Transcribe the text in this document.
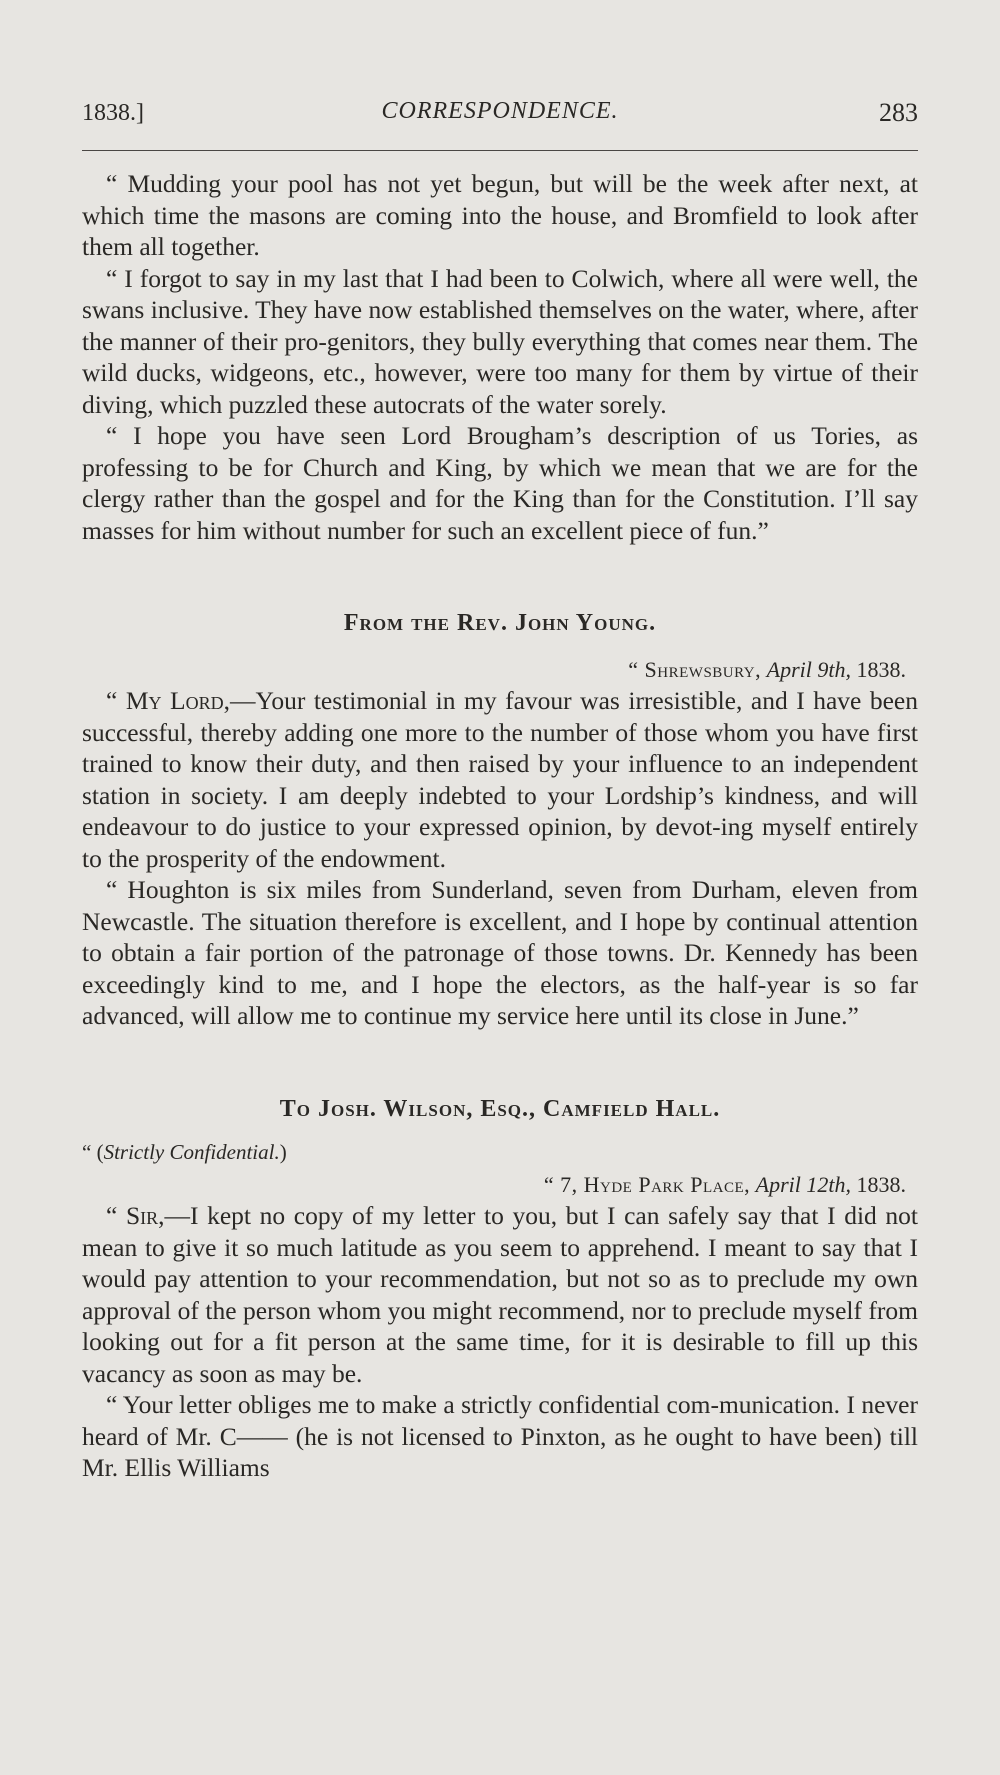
1838.]	CORRESPONDENCE.	283

“ Mudding your pool has not yet begun, but will be the week after next, at which time the masons are coming into the house, and Bromfield to look after them all together.

“ I forgot to say in my last that I had been to Colwich, where all were well, the swans inclusive. They have now established themselves on the water, where, after the manner of their pro-genitors, they bully everything that comes near them. The wild ducks, widgeons, etc., however, were too many for them by virtue of their diving, which puzzled these autocrats of the water sorely.

“ I hope you have seen Lord Brougham’s description of us Tories, as professing to be for Church and King, by which we mean that we are for the clergy rather than the gospel and for the King than for the Constitution. I’ll say masses for him without number for such an excellent piece of fun.”

From the Rev. John Young.

“ Shrewsbury, April 9th, 1838.

“ My Lord,—Your testimonial in my favour was irresistible, and I have been successful, thereby adding one more to the number of those whom you have first trained to know their duty, and then raised by your influence to an independent station in society. I am deeply indebted to your Lordship’s kindness, and will endeavour to do justice to your expressed opinion, by devot-ing myself entirely to the prosperity of the endowment.

“ Houghton is six miles from Sunderland, seven from Durham, eleven from Newcastle. The situation therefore is excellent, and I hope by continual attention to obtain a fair portion of the patronage of those towns. Dr. Kennedy has been exceedingly kind to me, and I hope the electors, as the half-year is so far advanced, will allow me to continue my service here until its close in June.”

To Josh. Wilson, Esq., Camfield Hall.

“ (Strictly Confidential.)

“ 7, Hyde Park Place, April 12th, 1838.

“ Sir,—I kept no copy of my letter to you, but I can safely say that I did not mean to give it so much latitude as you seem to apprehend. I meant to say that I would pay attention to your recommendation, but not so as to preclude my own approval of the person whom you might recommend, nor to preclude myself from looking out for a fit person at the same time, for it is desirable to fill up this vacancy as soon as may be.

“ Your letter obliges me to make a strictly confidential com-munication. I never heard of Mr. C—— (he is not licensed to Pinxton, as he ought to have been) till Mr. Ellis Williams
